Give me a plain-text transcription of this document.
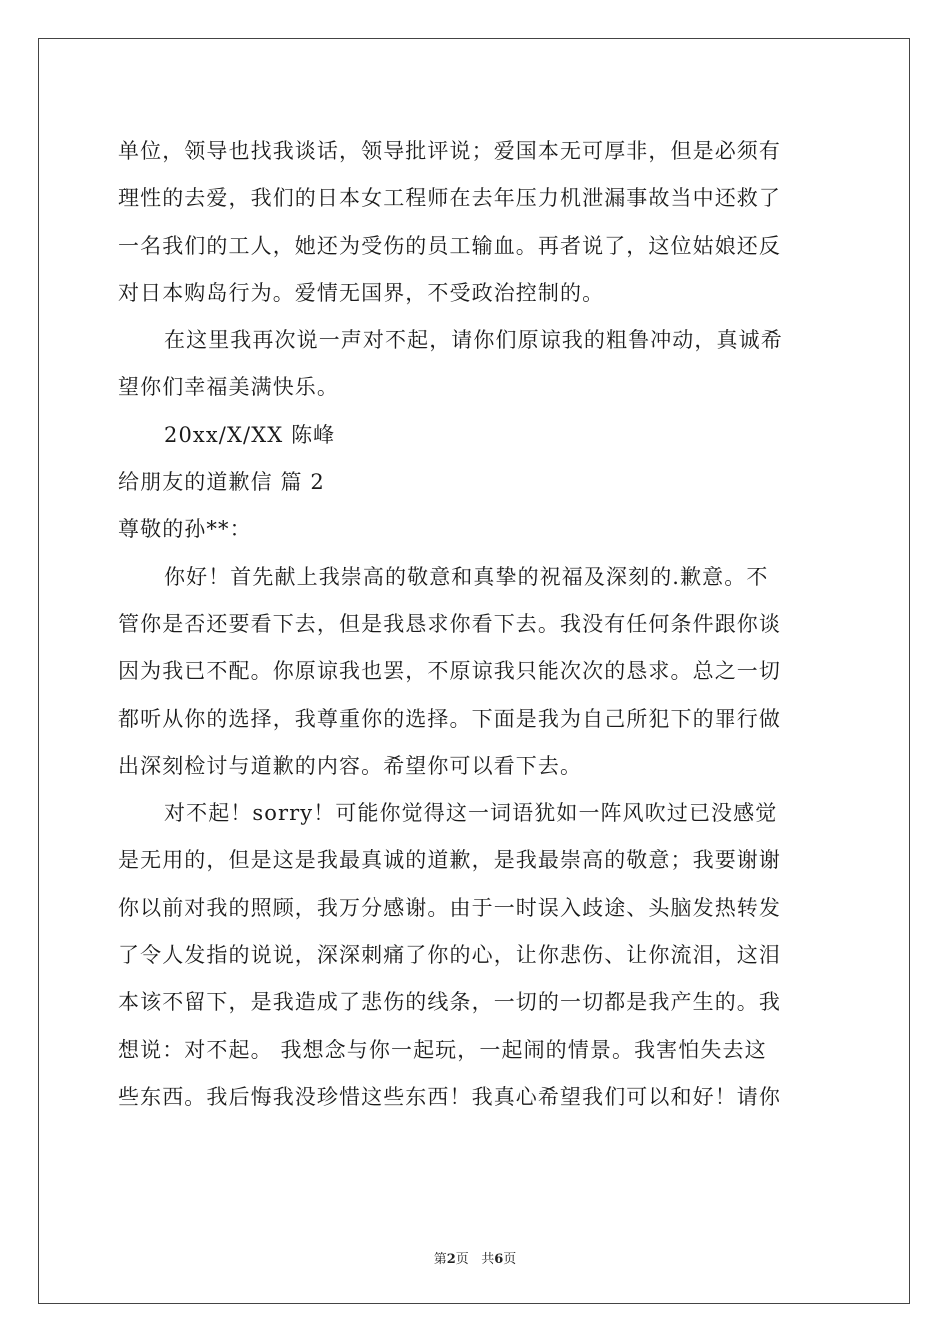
单位，领导也找我谈话，领导批评说；爱国本无可厚非，但是必须有
理性的去爱，我们的日本女工程师在去年压力机泄漏事故当中还救了
一名我们的工人，她还为受伤的员工输血。再者说了，这位姑娘还反
对日本购岛行为。爱情无国界，不受政治控制的。
在这里我再次说一声对不起，请你们原谅我的粗鲁冲动，真诚希
望你们幸福美满快乐。
20xx/X/XX 陈峰
给朋友的道歉信 篇 2
尊敬的孙**：
你好！首先献上我崇高的敬意和真挚的祝福及深刻的.歉意。不
管你是否还要看下去，但是我恳求你看下去。我没有任何条件跟你谈
因为我已不配。你原谅我也罢，不原谅我只能次次的恳求。总之一切
都听从你的选择，我尊重你的选择。下面是我为自己所犯下的罪行做
出深刻检讨与道歉的内容。希望你可以看下去。
对不起！sorry！可能你觉得这一词语犹如一阵风吹过已没感觉
是无用的，但是这是我最真诚的道歉，是我最崇高的敬意；我要谢谢
你以前对我的照顾，我万分感谢。由于一时误入歧途、头脑发热转发
了令人发指的说说，深深刺痛了你的心，让你悲伤、让你流泪，这泪
本该不留下，是我造成了悲伤的线条，一切的一切都是我产生的。我
想说：对不起。 我想念与你一起玩，一起闹的情景。我害怕失去这
些东西。我后悔我没珍惜这些东西！我真心希望我们可以和好！请你
第2页 共6页
